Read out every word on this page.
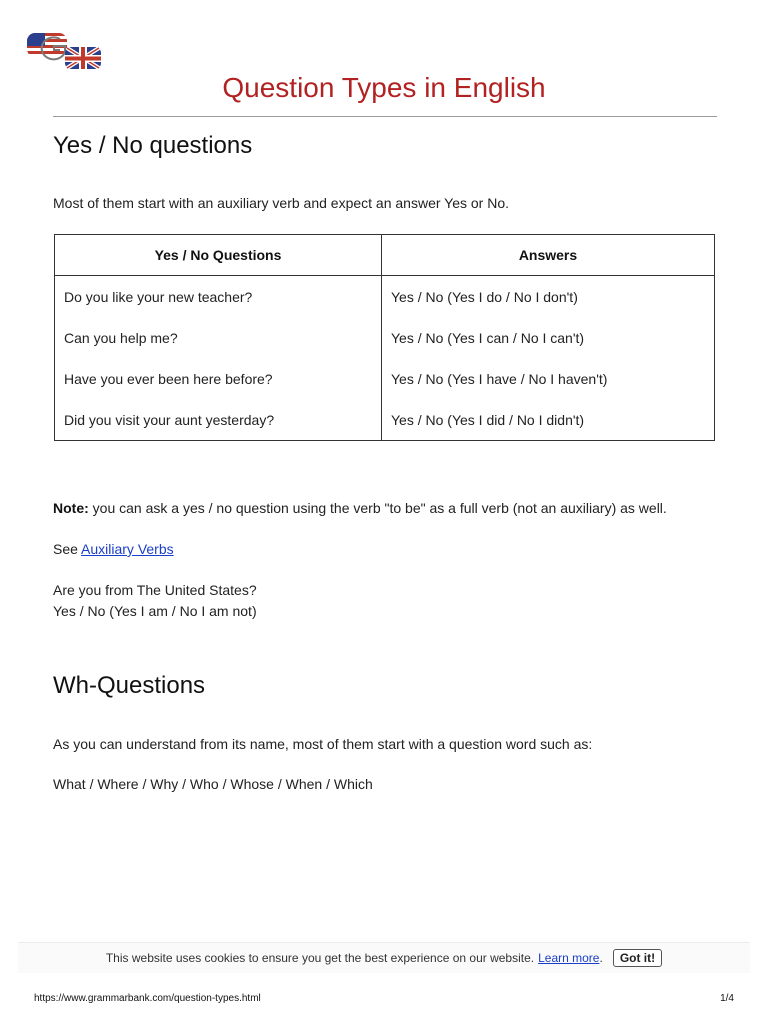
Question Types in English
Yes / No questions

Most of them start with an auxiliary verb and expect an answer Yes or No.

Yes / No Questions	Answers
Do you like your new teacher?	Yes / No (Yes I do / No I don't)
Can you help me?	Yes / No (Yes I can / No I can't)
Have you ever been here before?	Yes / No (Yes I have / No I haven't)
Did you visit your aunt yesterday?	Yes / No (Yes I did / No I didn't)

Note: you can ask a yes / no question using the verb "to be" as a full verb (not an auxiliary) as well.

See Auxiliary Verbs

Are you from The United States?

Yes / No (Yes I am / No I am not)

Wh-Questions

As you can understand from its name, most of them start with a question word such as:

What / Where / Why / Who / Whose / When / Which

This website uses cookies to ensure you get the best experience on our website. Learn more .	Got it!
https://www.grammarbank.com/question-types.html	1/4
